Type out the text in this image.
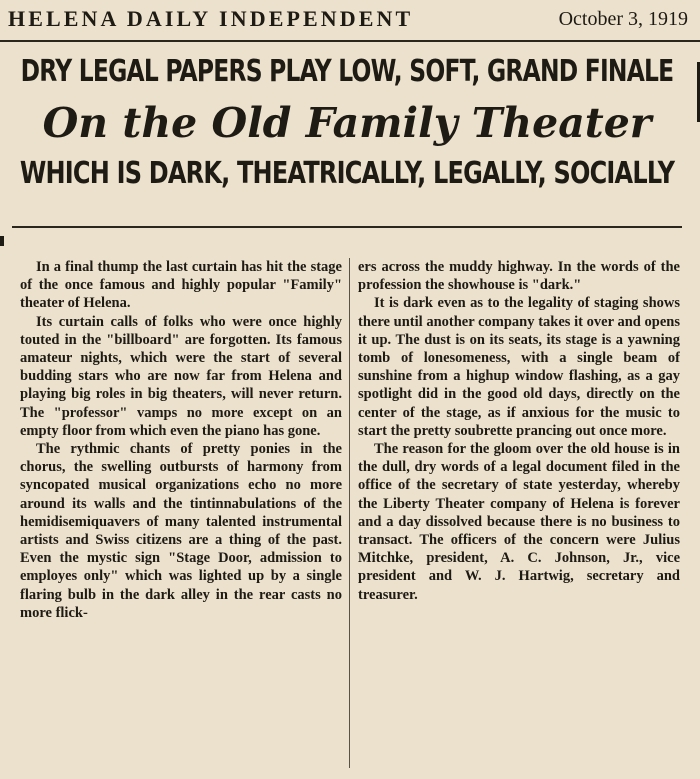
HELENA DAILY INDEPENDENT	October 3, 1919
DRY LEGAL PAPERS PLAY LOW, SOFT, GRAND FINALE
On the Old Family Theater
WHICH IS DARK, THEATRICALLY, LEGALLY, SOCIALLY

In a final thump the last curtain has hit the stage of the once famous and highly popular "Family" theater of Helena.

Its curtain calls of folks who were once highly touted in the "billboard" are forgotten. Its famous amateur nights, which were the start of several budding stars who are now far from Helena and playing big roles in big theaters, will never return. The "professor" vamps no more except on an empty floor from which even the piano has gone.

The rythmic chants of pretty ponies in the chorus, the swelling outbursts of harmony from syncopated musical organizations echo no more around its walls and the tintinnabulations of the hemidisemiquavers of many talented instrumental artists and Swiss citizens are a thing of the past. Even the mystic sign "Stage Door, admission to employes only" which was lighted up by a single flaring bulb in the dark alley in the rear casts no more flick-

ers across the muddy highway. In the words of the profession the showhouse is "dark."

It is dark even as to the legality of staging shows there until another company takes it over and opens it up. The dust is on its seats, its stage is a yawning tomb of lonesomeness, with a single beam of sunshine from a highup window flashing, as a gay spotlight did in the good old days, directly on the center of the stage, as if anxious for the music to start the pretty soubrette prancing out once more.

The reason for the gloom over the old house is in the dull, dry words of a legal document filed in the office of the secretary of state yesterday, whereby the Liberty Theater company of Helena is forever and a day dissolved because there is no business to transact. The officers of the concern were Julius Mitchke, president, A. C. Johnson, Jr., vice president and W. J. Hartwig, secretary and treasurer.
